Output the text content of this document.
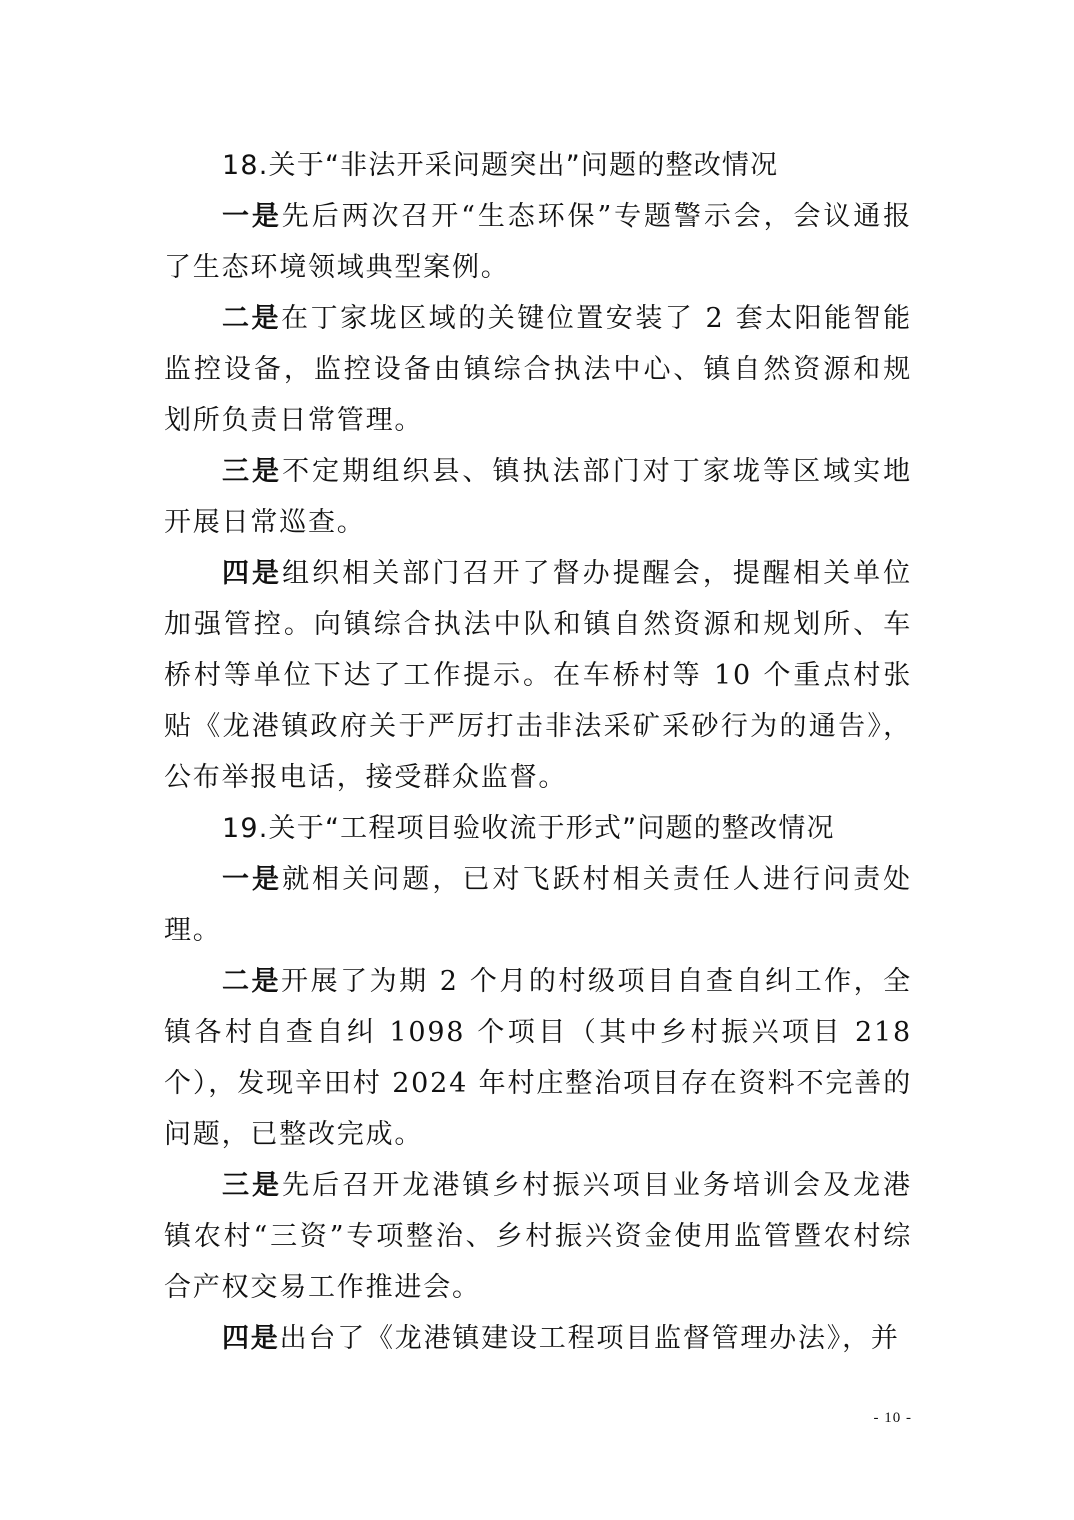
18.关于“非法开采问题突出”问题的整改情况

一是先后两次召开“生态环保”专题警示会，会议通报了生态环境领域典型案例。

二是在丁家垅区域的关键位置安装了 2 套太阳能智能监控设备，监控设备由镇综合执法中心、镇自然资源和规划所负责日常管理。

三是不定期组织县、镇执法部门对丁家垅等区域实地开展日常巡查。

四是组织相关部门召开了督办提醒会，提醒相关单位加强管控。向镇综合执法中队和镇自然资源和规划所、车桥村等单位下达了工作提示。在车桥村等 10 个重点村张贴《龙港镇政府关于严厉打击非法采矿采砂行为的通告》，公布举报电话，接受群众监督。

19.关于“工程项目验收流于形式”问题的整改情况

一是就相关问题，已对飞跃村相关责任人进行问责处理。

二是开展了为期 2 个月的村级项目自查自纠工作，全镇各村自查自纠 1098 个项目（其中乡村振兴项目 218 个），发现辛田村 2024 年村庄整治项目存在资料不完善的问题，已整改完成。

三是先后召开龙港镇乡村振兴项目业务培训会及龙港镇农村“三资”专项整治、乡村振兴资金使用监管暨农村综合产权交易工作推进会。

四是出台了《龙港镇建设工程项目监督管理办法》，并

- 10 -
